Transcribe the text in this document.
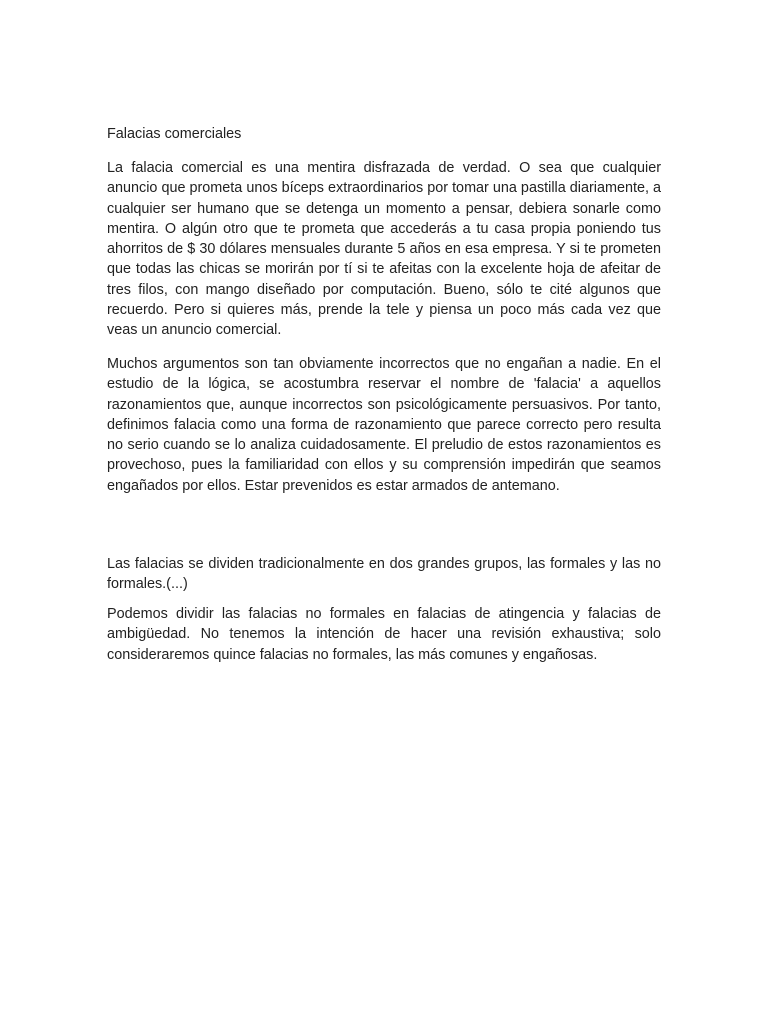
Falacias comerciales

La falacia comercial es una mentira disfrazada de verdad. O sea que cualquier anuncio que prometa unos bíceps extraordinarios por tomar una pastilla diariamente, a cualquier ser humano que se detenga un momento a pensar, debiera sonarle como mentira. O algún otro que te prometa que accederás a tu casa propia poniendo tus ahorritos de $ 30 dólares mensuales durante 5 años en esa empresa. Y si te prometen que todas las chicas se morirán por tí si te afeitas con la excelente hoja de afeitar de tres filos, con mango diseñado por computación. Bueno, sólo te cité algunos que recuerdo. Pero si quieres más, prende la tele y piensa un poco más cada vez que veas un anuncio comercial.

Muchos argumentos son tan obviamente incorrectos que no engañan a nadie. En el estudio de la lógica, se acostumbra reservar el nombre de 'falacia' a aquellos razonamientos que, aunque incorrectos son psicológicamente persuasivos. Por tanto, definimos falacia como una forma de razonamiento que parece correcto pero resulta no serio cuando se lo analiza cuidadosamente. El preludio de estos razonamientos es provechoso, pues la familiaridad con ellos y su comprensión impedirán que seamos engañados por ellos. Estar prevenidos es estar armados de antemano.

Las falacias se dividen tradicionalmente en dos grandes grupos, las formales y las no formales.(...)

Podemos dividir las falacias no formales en falacias de atingencia y falacias de ambigüedad. No tenemos la intención de hacer una revisión exhaustiva; solo consideraremos quince falacias no formales, las más comunes y engañosas.
